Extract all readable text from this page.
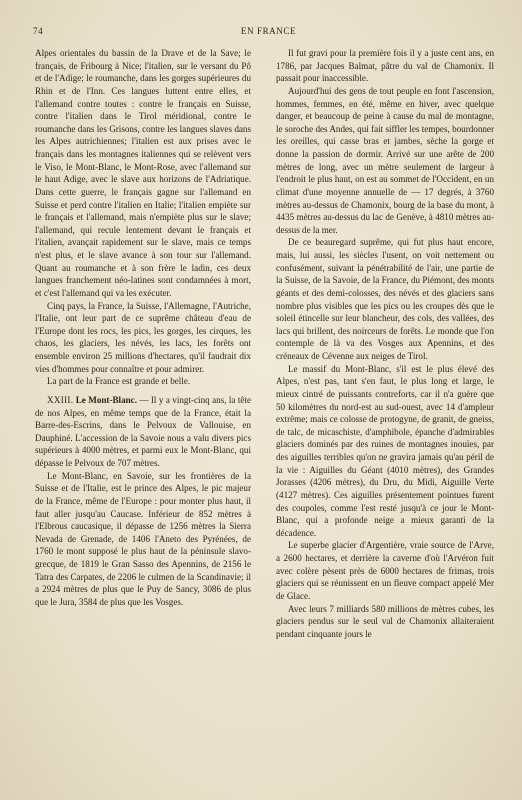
74	EN FRANCE

Alpes orientales du bassin de la Drave et de la Save; le français, de Fribourg à Nice; l'italien, sur le versant du Pô et de l'Adige; le roumanche, dans les gorges supérieures du Rhin et de l'Inn. Ces langues luttent entre elles, et l'allemand contre toutes : contre le français en Suisse, contre l'italien dans le Tirol méridional, contre le roumanche dans les Grisons, contre les langues slaves dans les Alpes autrichiennes; l'italien est aux prises avec le français dans les montagnes italiennes qui se relèvent vers le Viso, le Mont-Blanc, le Mont-Rose, avec l'allemand sur le haut Adige, avec le slave aux horizons de l'Adriatique. Dans cette guerre, le français gagne sur l'allemand en Suisse et perd contre l'italien en Italie; l'italien empiète sur le français et l'allemand, mais n'empiète plus sur le slave; l'allemand, qui recule lentement devant le français et l'italien, avançait rapidement sur le slave, mais ce temps n'est plus, et le slave avance à son tour sur l'allemand. Quant au roumanche et à son frère le ladin, ces deux langues franchement néo-latines sont condamnées à mort, et c'est l'allemand qui va les exécuter.

Cinq pays, la France, la Suisse, l'Allemagne, l'Autriche, l'Italie, ont leur part de ce suprême château d'eau de l'Europe dont les rocs, les pics, les gorges, les cirques, les chaos, les glaciers, les névés, les lacs, les forêts ont ensemble environ 25 millions d'hectares, qu'il faudrait dix vies d'hommes pour connaître et pour admirer.

La part de la France est grande et belle.

XXIII. Le Mont-Blanc. — Il y a vingt-cinq ans, la tête de nos Alpes, en même temps que de la France, était la Barre-des-Escrins, dans le Pelvoux de Vallouise, en Dauphiné. L'accession de la Savoie nous a valu divers pics supérieurs à 4000 mètres, et parmi eux le Mont-Blanc, qui dépasse le Pelvoux de 707 mètres.

Le Mont-Blanc, en Savoie, sur les frontières de la Suisse et de l'Italie, est le prince des Alpes, le pic majeur de la France, même de l'Europe : pour monter plus haut, il faut aller jusqu'au Caucase. Inférieur de 852 mètres à l'Elbrous caucasique, il dépasse de 1256 mètres la Sierra Nevada de Grenade, de 1406 l'Aneto des Pyrénées, de 1760 le mont supposé le plus haut de la péninsule slavo-grecque, de 1819 le Gran Sasso des Apennins, de 2156 le Tatra des Carpates, de 2206 le culmen de la Scandinavie; il a 2924 mètres de plus que le Puy de Sancy, 3086 de plus que le Jura, 3584 de plus que les Vosges.

Il fut gravi pour la première fois il y a juste cent ans, en 1786, par Jacques Balmat, pâtre du val de Chamonix. Il passait pour inaccessible.

Aujourd'hui des gens de tout peuple en font l'ascension, hommes, femmes, en été, même en hiver, avec quelque danger, et beaucoup de peine à cause du mal de montagne, le soroche des Andes, qui fait siffler les tempes, bourdonner les oreilles, qui casse bras et jambes, sèche la gorge et donne la passion de dormir. Arrivé sur une arête de 200 mètres de long, avec un mètre seulement de largeur à l'endroit le plus haut, on est au sommet de l'Occident, en un climat d'une moyenne annuelle de — 17 degrés, à 3760 mètres au-dessus de Chamonix, bourg de la base du mont, à 4435 mètres au-dessus du lac de Genève, à 4810 mètres au-dessus de la mer.

De ce beauregard suprême, qui fut plus haut encore, mais, lui aussi, les siècles l'usent, on voit nettement ou confusément, suivant la pénétrabilité de l'air, une partie de la Suisse, de la Savoie, de la France, du Piémont, des monts géants et des demi-colosses, des névés et des glaciers sans nombre plus visibles que les pics ou les croupes dès que le soleil étincelle sur leur blancheur, des cols, des vallées, des lacs qui brillent, des noirceurs de forêts. Le monde que l'on contemple de là va des Vosges aux Apennins, et des créneaux de Cévenne aux neiges de Tirol.

Le massif du Mont-Blanc, s'il est le plus élevé des Alpes, n'est pas, tant s'en faut, le plus long et large, le mieux cintré de puissants contreforts, car il n'a guère que 50 kilomètres du nord-est au sud-ouest, avec 14 d'ampleur extrême; mais ce colosse de protogyne, de granit, de gneiss, de talc, de micaschiste, d'amphibole, épanche d'admirables glaciers dominés par des ruines de montagnes inouïes, par des aiguilles terribles qu'on ne gravira jamais qu'au péril de la vie : Aiguilles du Géant (4010 mètres), des Grandes Jorasses (4206 mètres), du Dru, du Midi, Aiguille Verte (4127 mètres). Ces aiguilles présentement pointues furent des coupoles, comme l'est resté jusqu'à ce jour le Mont-Blanc, qui a profonde neige a mieux garanti de la décadence.

Le superbe glacier d'Argentière, vraie source de l'Arve, a 2600 hectares, et derrière la caverne d'où l'Arvéron fuit avec colère pèsent près de 6000 hectares de frimas, trois glaciers qui se réunissent en un fleuve compact appelé Mer de Glace.

Avec leurs 7 milliards 580 millions de mètres cubes, les glaciers pendus sur le seul val de Chamonix allaiteraient pendant cinquante jours le
